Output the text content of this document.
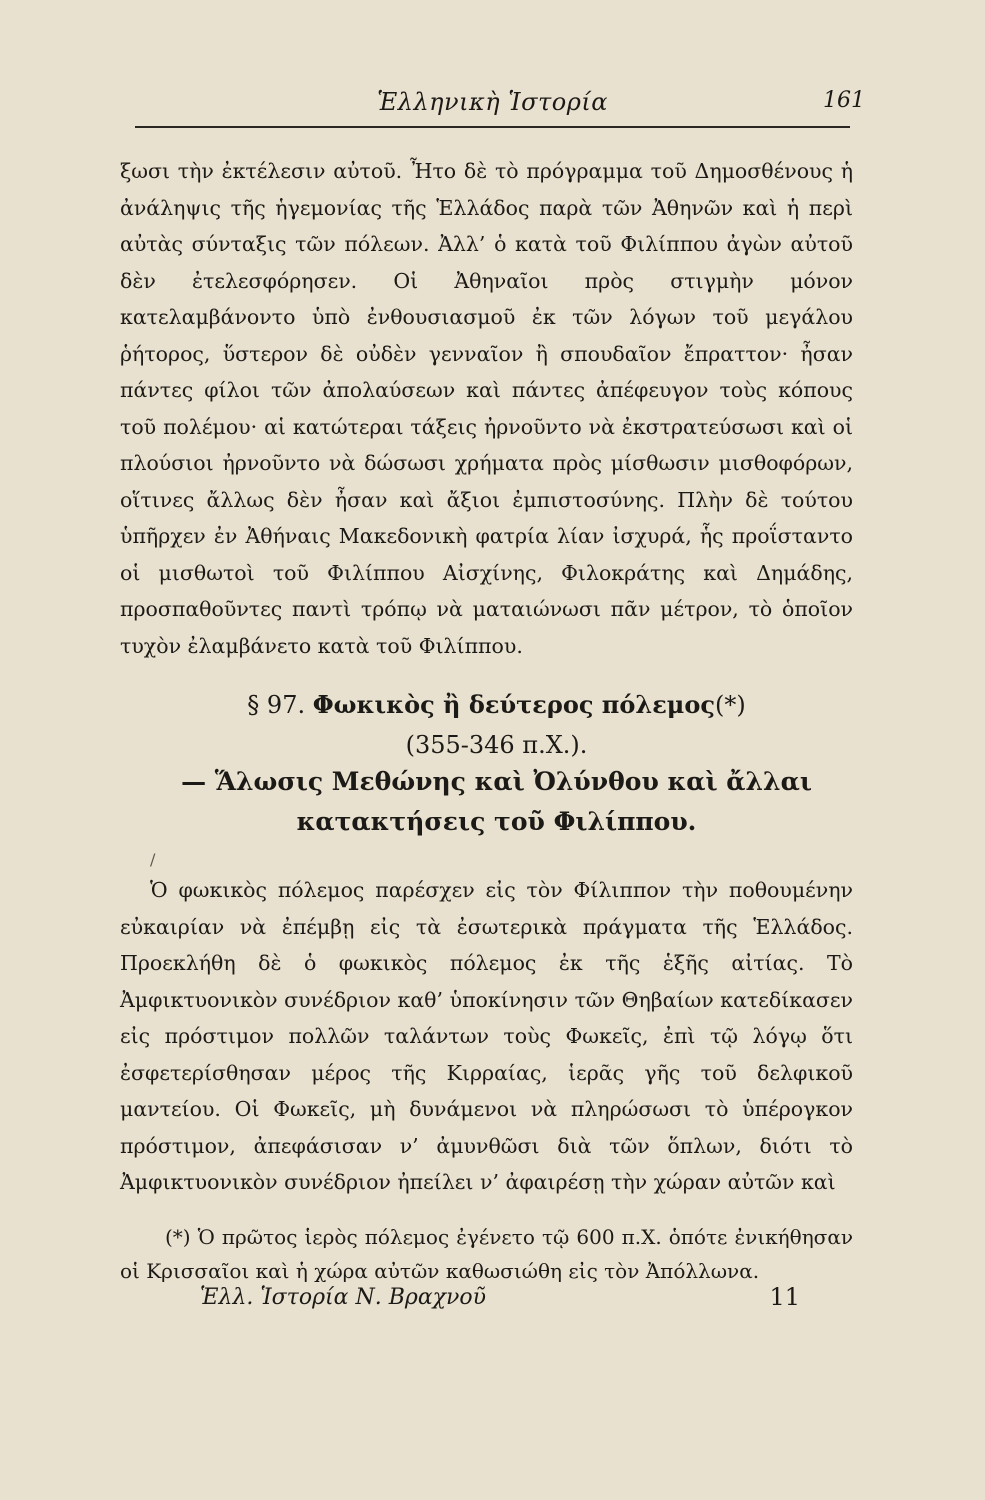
Ἑλληνικὴ Ἱστορία	161
ξωσι τὴν ἐκτέλεσιν αὐτοῦ. Ἦτο δὲ τὸ πρόγραμμα τοῦ Δημοσθένους ἡ ἀνάληψις τῆς ἡγεμονίας τῆς Ἑλλάδος παρὰ τῶν Ἀθηνῶν καὶ ἡ περὶ αὐτὰς σύνταξις τῶν πόλεων. Ἀλλ’ ὁ κατὰ τοῦ Φιλίππου ἀγὼν αὐτοῦ δὲν ἐτελεσφόρησεν. Οἱ Ἀθηναῖοι πρὸς στιγμὴν μόνον κατελαμβάνοντο ὑπὸ ἐνθουσιασμοῦ ἐκ τῶν λόγων τοῦ μεγάλου ῥήτορος, ὕστερον δὲ οὐδὲν γενναῖον ἢ σπουδαῖον ἔπραττον· ἦσαν πάντες φίλοι τῶν ἀπολαύσεων καὶ πάντες ἀπέφευγον τοὺς κόπους τοῦ πολέμου· αἱ κατώτεραι τάξεις ἠρνοῦντο νὰ ἐκστρατεύσωσι καὶ οἱ πλούσιοι ἠρνοῦντο νὰ δώσωσι χρήματα πρὸς μίσθωσιν μισθοφόρων, οἵτινες ἄλλως δὲν ἦσαν καὶ ἄξιοι ἐμπιστοσύνης. Πλὴν δὲ τούτου ὑπῆρχεν ἐν Ἀθήναις Μακεδονικὴ φατρία λίαν ἰσχυρά, ἧς προΐσταντο οἱ μισθωτοὶ τοῦ Φιλίππου Αἰσχίνης, Φιλοκράτης καὶ Δημάδης, προσπαθοῦντες παντὶ τρόπῳ νὰ ματαιώνωσι πᾶν μέτρον, τὸ ὁποῖον τυχὸν ἐλαμβάνετο κατὰ τοῦ Φιλίππου.
§ 97. Φωκικὸς ἢ δεύτερος πόλεμος(*)
(355-346 π.Χ.).
— Ἅλωσις Μεθώνης καὶ Ὀλύνθου καὶ ἄλλαι κατακτήσεις τοῦ Φιλίππου.
/
Ὁ φωκικὸς πόλεμος παρέσχεν εἰς τὸν Φίλιππον τὴν ποθουμένην εὐκαιρίαν νὰ ἐπέμβῃ εἰς τὰ ἐσωτερικὰ πράγματα τῆς Ἑλλάδος. Προεκλήθη δὲ ὁ φωκικὸς πόλεμος ἐκ τῆς ἑξῆς αἰτίας. Τὸ Ἀμφικτυονικὸν συνέδριον καθ’ ὑποκίνησιν τῶν Θηβαίων κατεδίκασεν εἰς πρόστιμον πολλῶν ταλάντων τοὺς Φωκεῖς, ἐπὶ τῷ λόγῳ ὅτι ἐσφετερίσθησαν μέρος τῆς Κιρραίας, ἱερᾶς γῆς τοῦ δελφικοῦ μαντείου. Οἱ Φωκεῖς, μὴ δυνάμενοι νὰ πληρώσωσι τὸ ὑπέρογκον πρόστιμον, ἀπεφάσισαν ν’ ἀμυνθῶσι διὰ τῶν ὅπλων, διότι τὸ Ἀμφικτυονικὸν συνέδριον ἠπείλει ν’ ἀφαιρέσῃ τὴν χώραν αὐτῶν καὶ
(*) Ὁ πρῶτος ἱερὸς πόλεμος ἐγένετο τῷ 600 π.Χ. ὁπότε ἐνικήθησαν οἱ Κρισσαῖοι καὶ ἡ χώρα αὐτῶν καθωσιώθη εἰς τὸν Ἀπόλλωνα.
Ἑλλ. Ἱστορία Ν. Βραχνοῦ	11
